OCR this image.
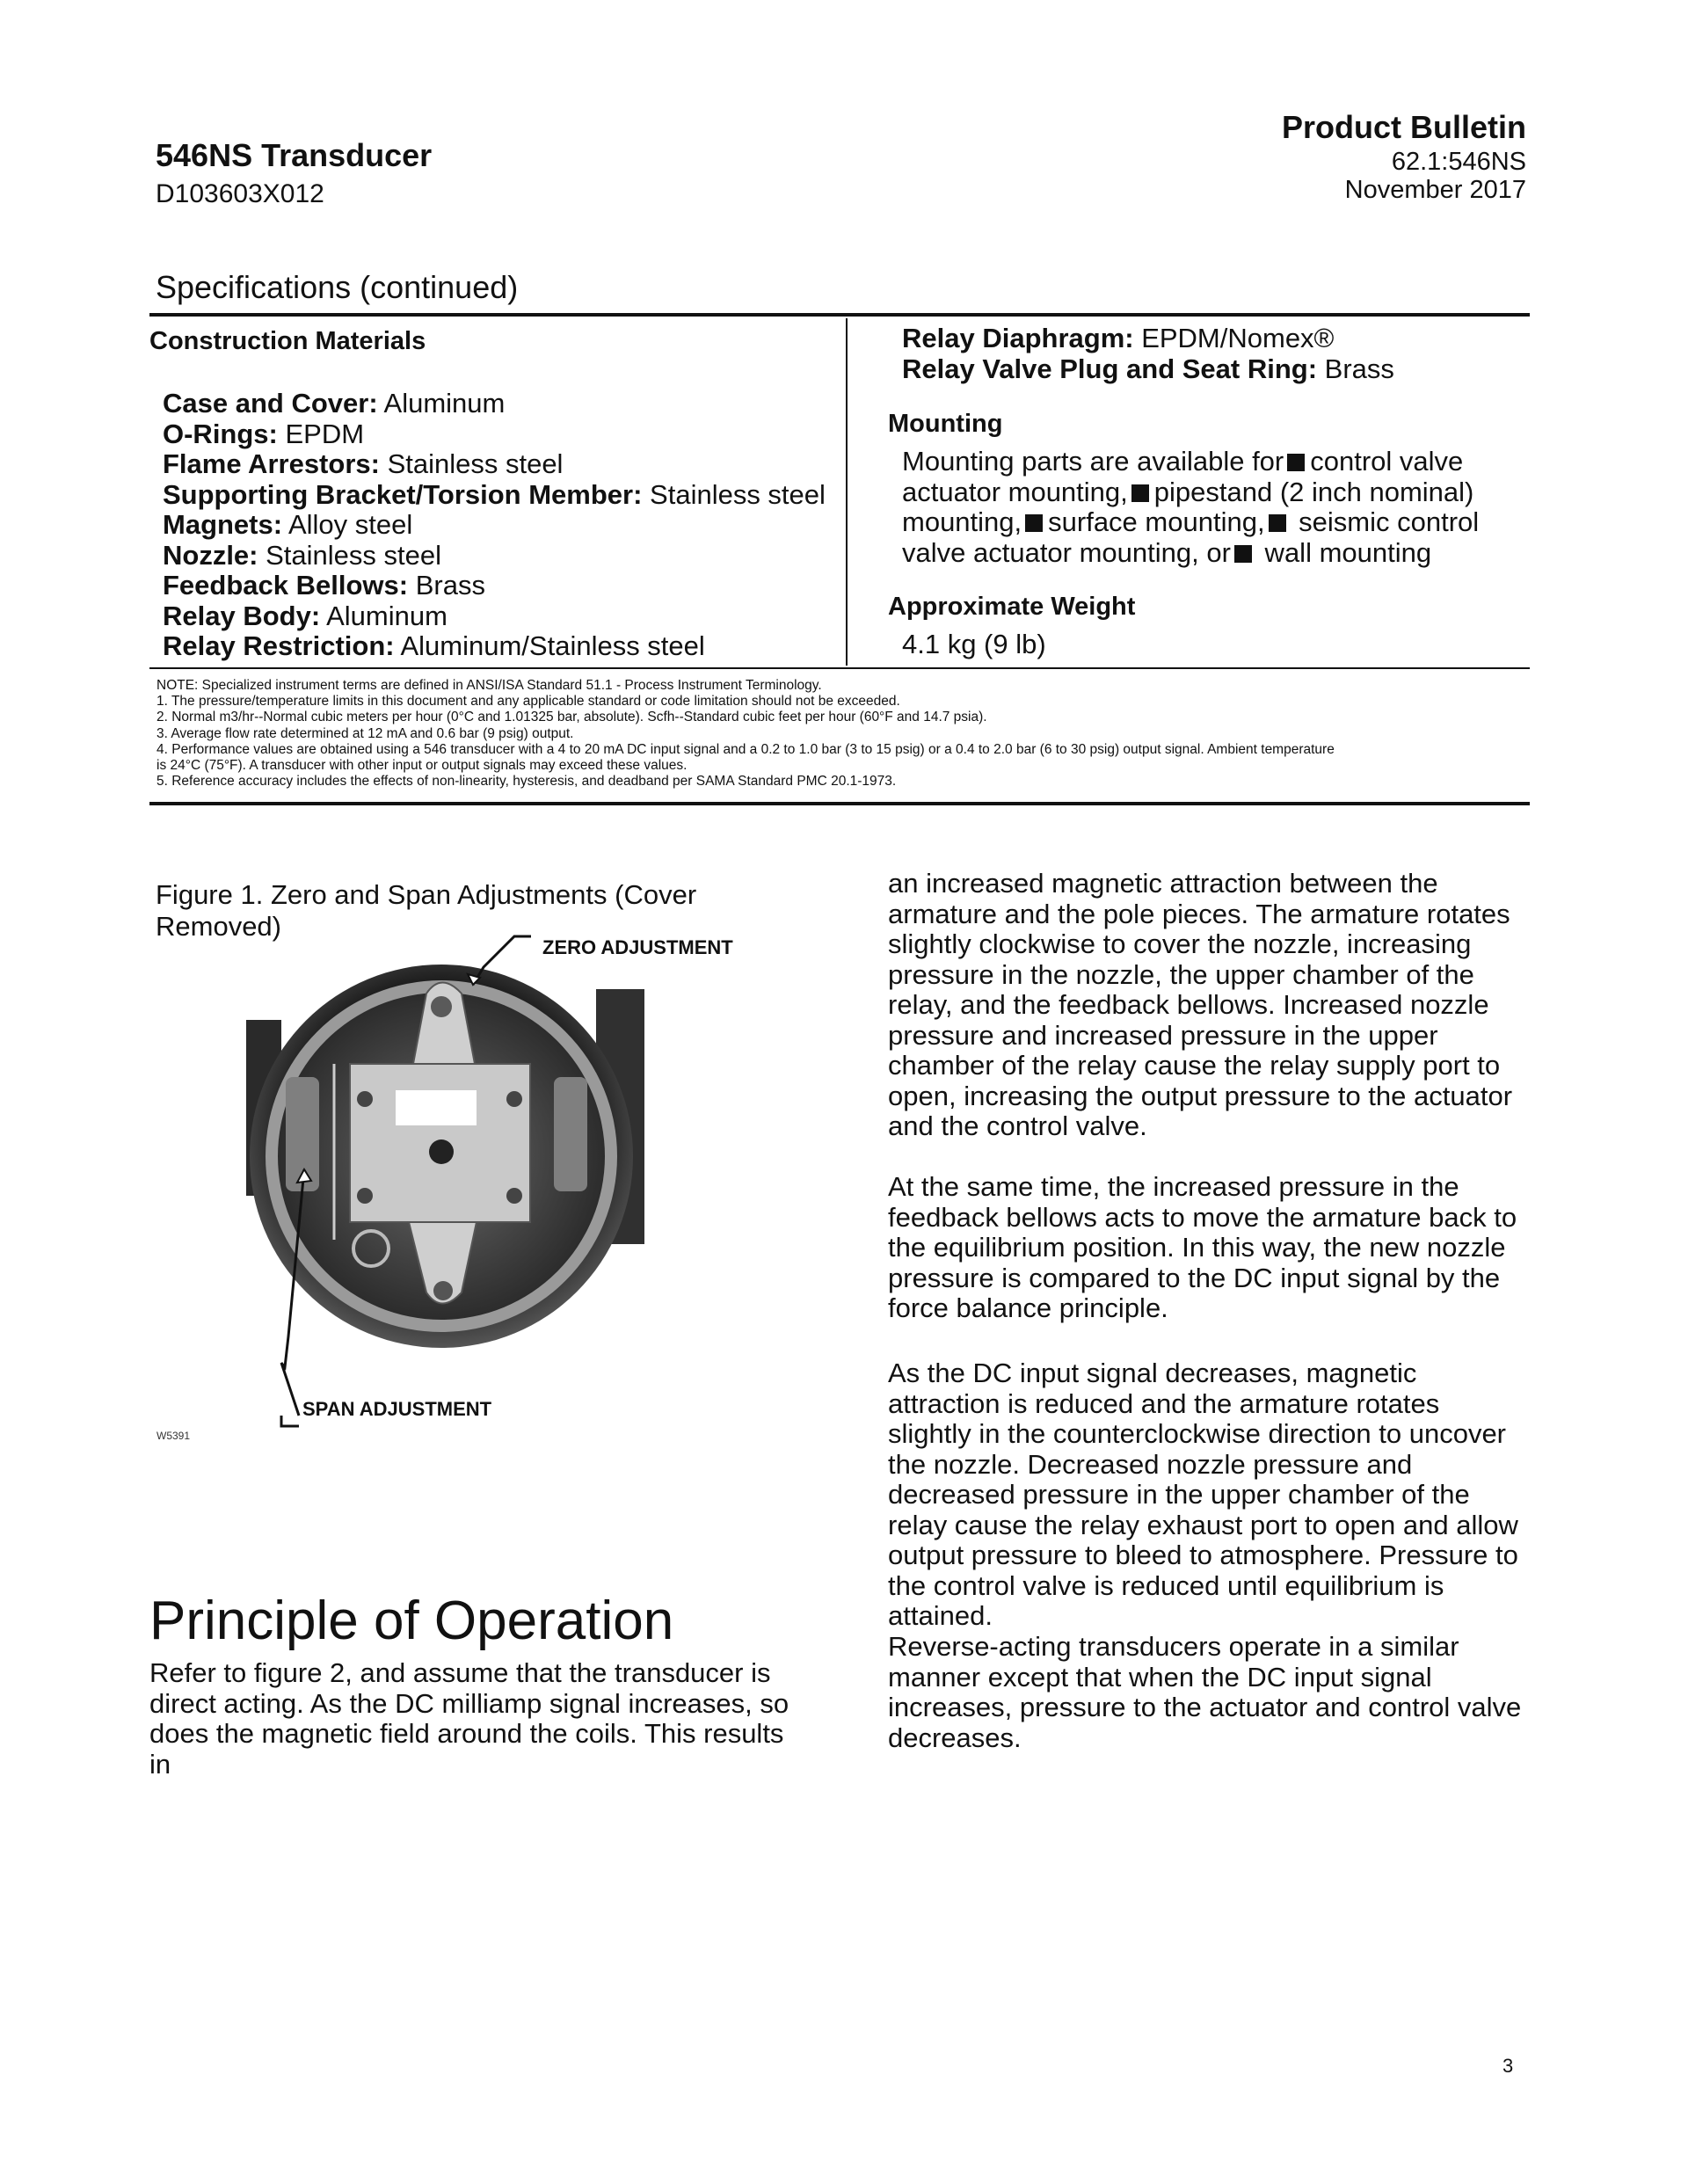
546NS Transducer
D103603X012
Product Bulletin
62.1:546NS
November 2017
Specifications (continued)
Construction Materials
Case and Cover: Aluminum
O-Rings: EPDM
Flame Arrestors: Stainless steel
Supporting Bracket/Torsion Member: Stainless steel
Magnets: Alloy steel
Nozzle: Stainless steel
Feedback Bellows: Brass
Relay Body: Aluminum
Relay Restriction: Aluminum/Stainless steel
Relay Diaphragm: EPDM/Nomex®
Relay Valve Plug and Seat Ring: Brass
Mounting
Mounting parts are available for control valve
actuator mounting, pipestand (2 inch nominal)
mounting, surface mounting, seismic control
valve actuator mounting, or wall mounting
Approximate Weight
4.1 kg (9 lb)
NOTE: Specialized instrument terms are defined in ANSI/ISA Standard 51.1 - Process Instrument Terminology.
1. The pressure/temperature limits in this document and any applicable standard or code limitation should not be exceeded.
2. Normal m3/hr--Normal cubic meters per hour (0°C and 1.01325 bar, absolute). Scfh--Standard cubic feet per hour (60°F and 14.7 psia).
3. Average flow rate determined at 12 mA and 0.6 bar (9 psig) output.
4. Performance values are obtained using a 546 transducer with a 4 to 20 mA DC input signal and a 0.2 to 1.0 bar (3 to 15 psig) or a 0.4 to 2.0 bar (6 to 30 psig) output signal. Ambient temperature
is 24°C (75°F). A transducer with other input or output signals may exceed these values.
5. Reference accuracy includes the effects of non-linearity, hysteresis, and deadband per SAMA Standard PMC 20.1-1973.
Figure 1. Zero and Span Adjustments (Cover Removed)
ZERO ADJUSTMENT
SPAN ADJUSTMENT
W5391
Principle of Operation
Refer to figure 2, and assume that the transducer is direct acting. As the DC milliamp signal increases, so does the magnetic field around the coils. This results in
an increased magnetic attraction between the armature and the pole pieces. The armature rotates slightly clockwise to cover the nozzle, increasing pressure in the nozzle, the upper chamber of the relay, and the feedback bellows. Increased nozzle pressure and increased pressure in the upper chamber of the relay cause the relay supply port to open, increasing the output pressure to the actuator and the control valve.
At the same time, the increased pressure in the feedback bellows acts to move the armature back to the equilibrium position. In this way, the new nozzle pressure is compared to the DC input signal by the force balance principle.
As the DC input signal decreases, magnetic attraction is reduced and the armature rotates slightly in the counterclockwise direction to uncover the nozzle. Decreased nozzle pressure and decreased pressure in the upper chamber of the relay cause the relay exhaust port to open and allow output pressure to bleed to atmosphere. Pressure to the control valve is reduced until equilibrium is attained.
Reverse-acting transducers operate in a similar manner except that when the DC input signal increases, pressure to the actuator and control valve decreases.
3
